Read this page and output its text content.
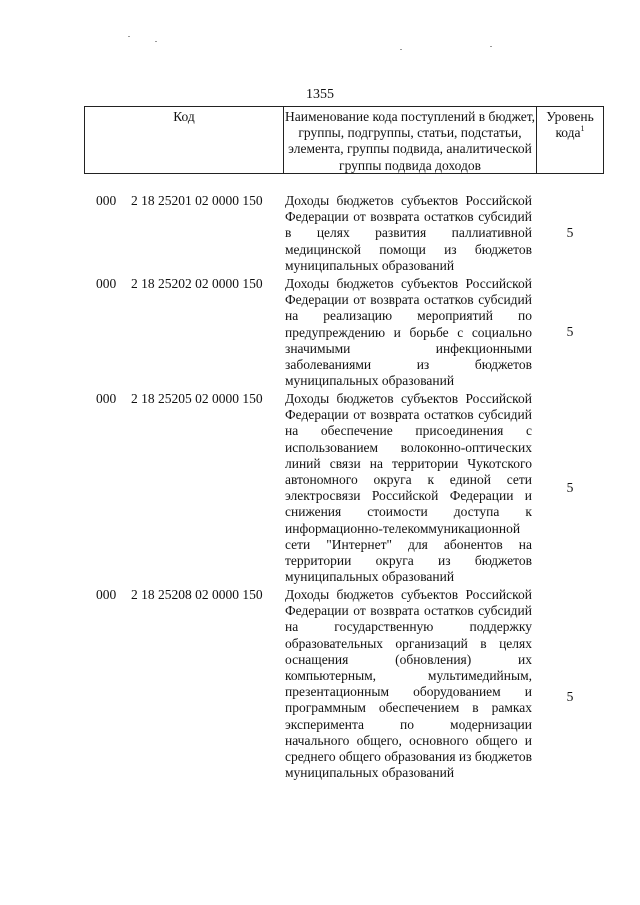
1355
Код	Наименование кода поступлений в бюджет, группы, подгруппы, статьи, подстатьи, элемента, группы подвида, аналитической группы подвида доходов
Уровень кода$^1$
000 2 18 25201 02 0000 150 Доходы бюджетов субъектов Российской Федерации от возврата остатков субсидий в целях развития паллиативной медицинской помощи из бюджетов муниципальных образований
5
000 2 18 25202 02 0000 150 Доходы бюджетов субъектов Российской Федерации от возврата остатков субсидий на реализацию мероприятий по предупреждению и борьбе с социально значимыми инфекционными заболеваниями из бюджетов муниципальных образований
5
000 2 18 25205 02 0000 150 Доходы бюджетов субъектов Российской Федерации от возврата остатков субсидий на обеспечение присоединения с использованием волоконно-оптических линий связи на территории Чукотского автономного округа к единой сети электросвязи Российской Федерации и снижения стоимости доступа к информационно-телекоммуникационной сети "Интернет" для абонентов на территории округа из бюджетов муниципальных образований
5
000 2 18 25208 02 0000 150 Доходы бюджетов субъектов Российской Федерации от возврата остатков субсидий на государственную поддержку образовательных организаций в целях оснащения (обновления) их компьютерным, мультимедийным, презентационным оборудованием и программным обеспечением в рамках эксперимента по модернизации начального общего, основного общего и среднего общего образования из бюджетов муниципальных образований
5
